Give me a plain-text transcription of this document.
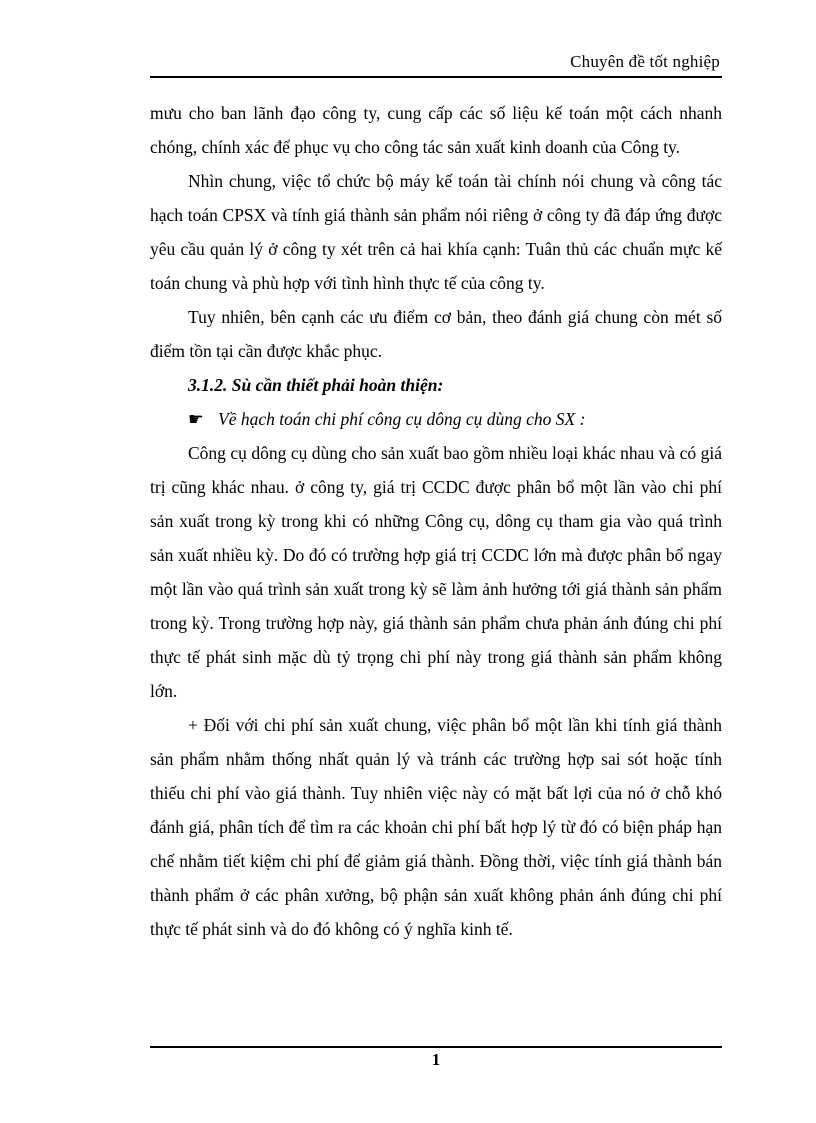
Chuyên đề tốt nghiệp

mưu cho ban lãnh đạo công ty, cung cấp các số liệu kế toán một cách nhanh chóng, chính xác để phục vụ cho công tác sản xuất kinh doanh của Công ty.

Nhìn chung, việc tổ chức bộ máy kế toán tài chính nói chung và công tác hạch toán CPSX và tính giá thành sản phẩm nói riêng ở công ty đã đáp ứng được yêu cầu quản lý ở công ty xét trên cả hai khía cạnh: Tuân thủ các chuẩn mực kế toán chung và phù hợp với tình hình thực tế của công ty.

Tuy nhiên, bên cạnh các ưu điểm cơ bản, theo đánh giá chung còn mét số điểm tồn tại cần được khắc phục.

3.1.2. Sù cần thiết phải hoàn thiện:

☛ Về hạch toán chi phí công cụ dông cụ dùng cho SX :

Công cụ dông cụ dùng cho sản xuất bao gồm nhiều loại khác nhau và có giá trị cũng khác nhau. ở công ty, giá trị CCDC được phân bổ một lần vào chi phí sản xuất trong kỳ trong khi có những Công cụ, dông cụ tham gia vào quá trình sản xuất nhiều kỳ. Do đó có trường hợp giá trị CCDC lớn mà được phân bổ ngay một lần vào quá trình sản xuất trong kỳ sẽ làm ảnh hưởng tới giá thành sản phẩm trong kỳ. Trong trường hợp này, giá thành sản phẩm chưa phản ánh đúng chi phí thực tế phát sinh mặc dù tỷ trọng chi phí này trong giá thành sản phẩm không lớn.

+ Đối với chi phí sản xuất chung, việc phân bổ một lần khi tính giá thành sản phẩm nhằm thống nhất quản lý và tránh các trường hợp sai sót hoặc tính thiếu chi phí vào giá thành. Tuy nhiên việc này có mặt bất lợi của nó ở chỗ khó đánh giá, phân tích để tìm ra các khoản chi phí bất hợp lý từ đó có biện pháp hạn chế nhằm tiết kiệm chi phí để giảm giá thành. Đồng thời, việc tính giá thành bán thành phẩm ở các phân xưởng, bộ phận sản xuất không phản ánh đúng chi phí thực tế phát sinh và do đó không có ý nghĩa kinh tế.

1
